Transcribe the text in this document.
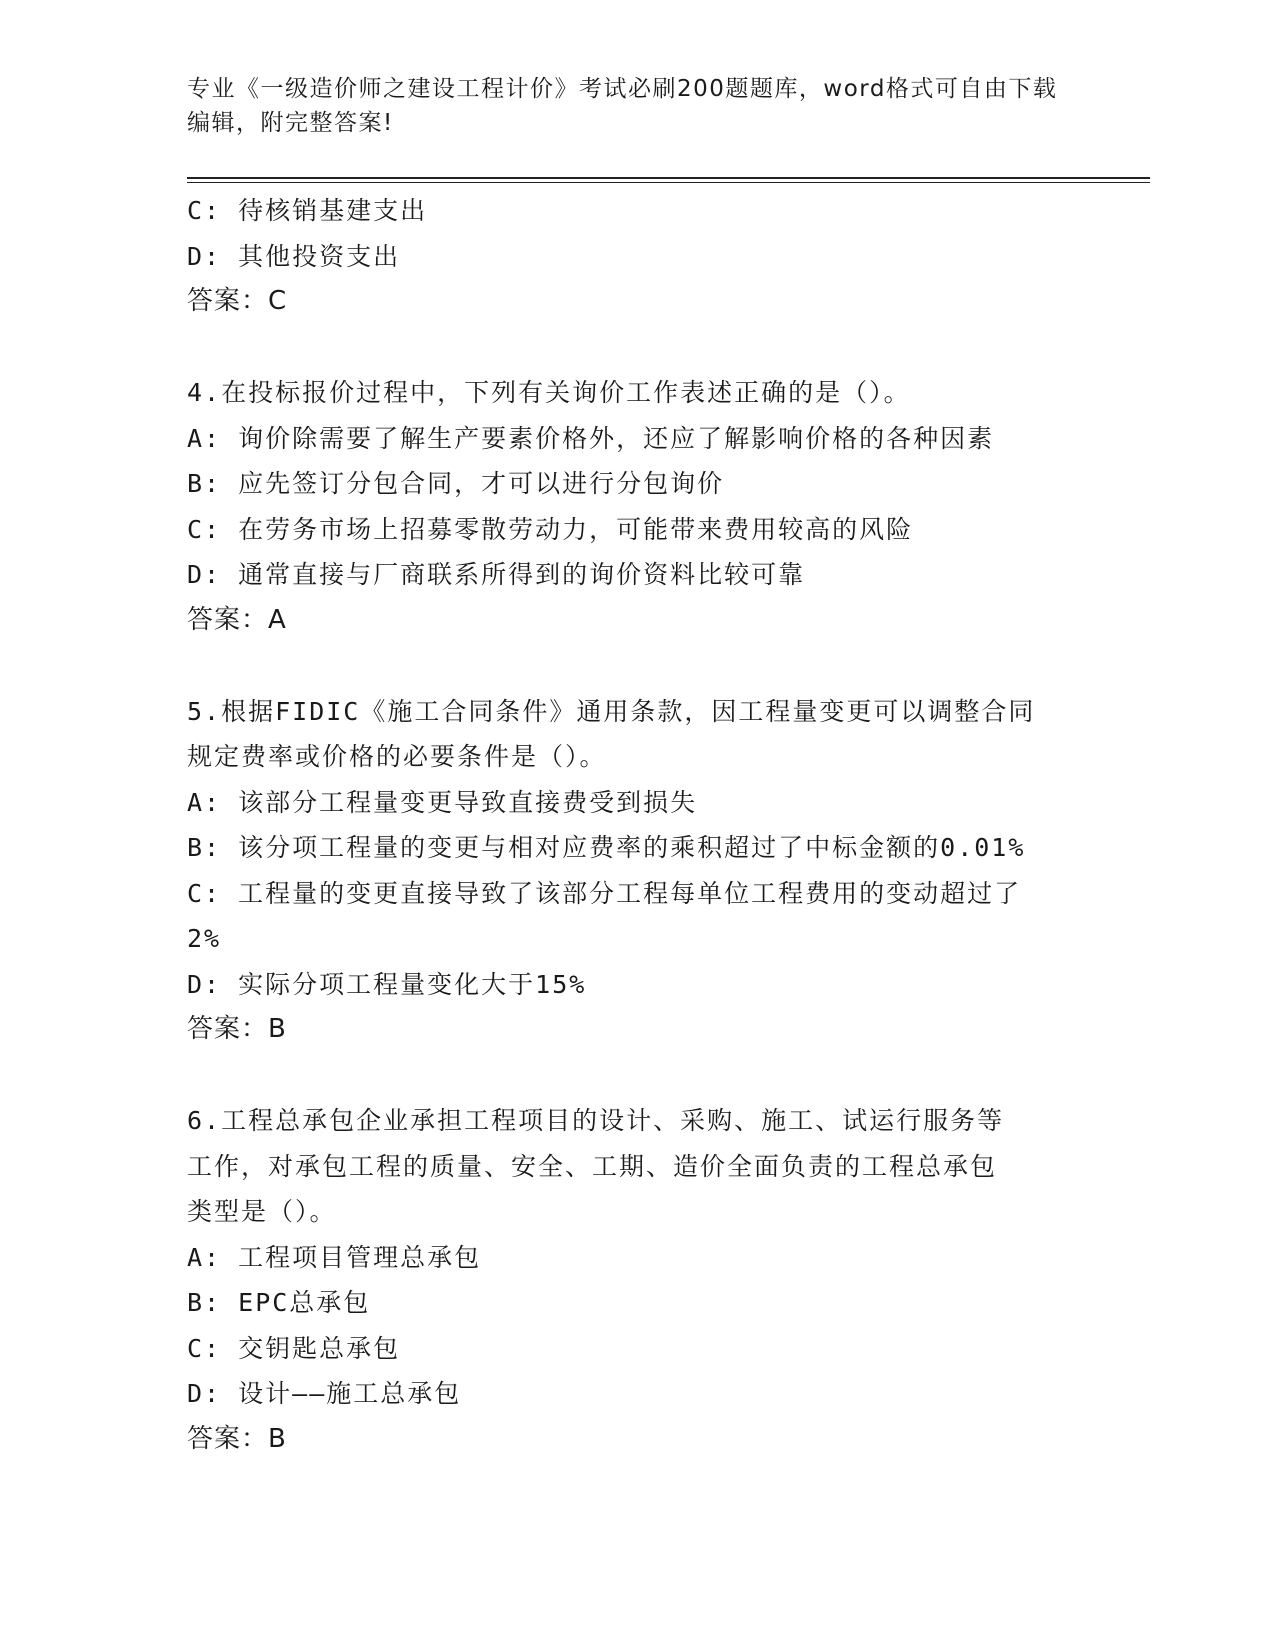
专业《一级造价师之建设工程计价》考试必刷200题题库，word格式可自由下载
编辑，附完整答案!
C: 待核销基建支出
D: 其他投资支出
答案：C
4.在投标报价过程中，下列有关询价工作表述正确的是（）。
A: 询价除需要了解生产要素价格外，还应了解影响价格的各种因素
B: 应先签订分包合同，才可以进行分包询价
C: 在劳务市场上招募零散劳动力，可能带来费用较高的风险
D: 通常直接与厂商联系所得到的询价资料比较可靠
答案：A
5.根据FIDIC《施工合同条件》通用条款，因工程量变更可以调整合同
规定费率或价格的必要条件是（）。
A: 该部分工程量变更导致直接费受到损失
B: 该分项工程量的变更与相对应费率的乘积超过了中标金额的0.01%
C: 工程量的变更直接导致了该部分工程每单位工程费用的变动超过了
2%
D: 实际分项工程量变化大于15%
答案：B
6.工程总承包企业承担工程项目的设计、采购、施工、试运行服务等
工作，对承包工程的质量、安全、工期、造价全面负责的工程总承包
类型是（）。
A: 工程项目管理总承包
B: EPC总承包
C: 交钥匙总承包
D: 设计——施工总承包
答案：B
